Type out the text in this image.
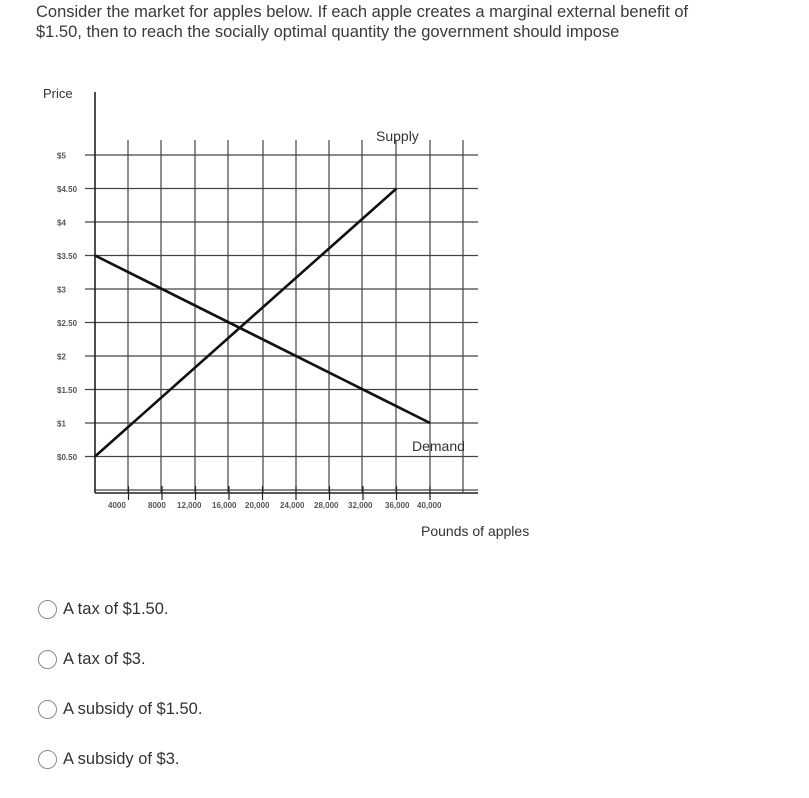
Consider the market for apples below. If each apple creates a marginal external benefit of $1.50, then to reach the socially optimal quantity the government should impose
Price
$5
$4.50
$4
$3.50
$3
$2.50
$2
$1.50
$1
$0.50
4000	8000 12,000 16,000 20,000 24,000 28,000 32,000 36,000 40,000
Pounds of apples
Supply
Demand
A tax of $1.50.
A tax of $3.
A subsidy of $1.50.
A subsidy of $3.
